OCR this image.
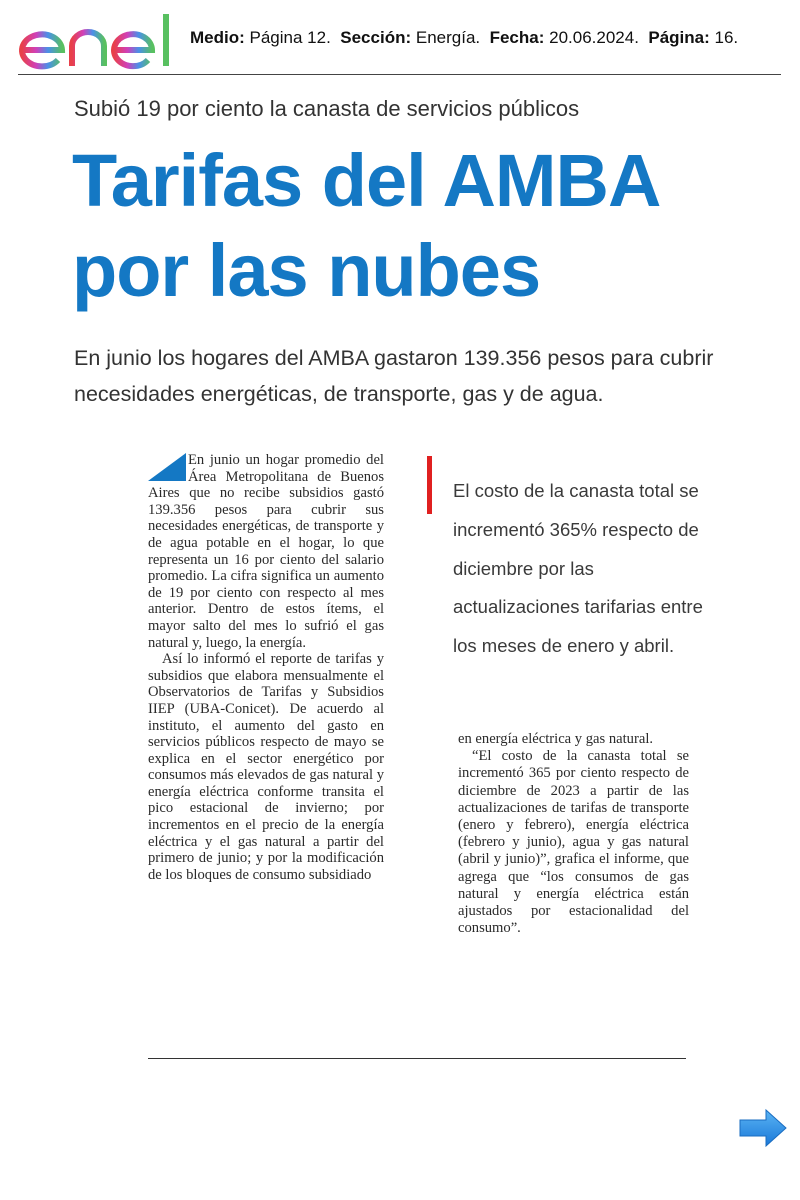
Medio: Página 12. Sección: Energía. Fecha: 20.06.2024. Página: 16.
Subió 19 por ciento la canasta de servicios públicos
Tarifas del AMBA
por las nubes
En junio los hogares del AMBA gastaron 139.356 pesos para cubrir necesidades energéticas, de transporte, gas y de agua.

En junio un hogar promedio del Área Metropolitana de Buenos Aires que no recibe subsidios gastó 139.356 pesos para cubrir sus necesidades energéticas, de transporte y de agua potable en el hogar, lo que representa un 16 por ciento del salario promedio. La cifra significa un aumento de 19 por ciento con respecto al mes anterior. Dentro de estos ítems, el mayor salto del mes lo sufrió el gas natural y, luego, la energía.

Así lo informó el reporte de tarifas y subsidios que elabora mensualmente el Observatorios de Tarifas y Subsidios IIEP (UBA-Conicet). De acuerdo al instituto, el aumento del gasto en servicios públicos respecto de mayo se explica en el sector energético por consumos más elevados de gas natural y energía eléctrica conforme transita el pico estacional de invierno; por incrementos en el precio de la energía eléctrica y el gas natural a partir del primero de junio; y por la modificación de los bloques de consumo subsidiado

El costo de la canasta total se incrementó 365% respecto de diciembre por las actualizaciones tarifarias entre los meses de enero y abril.

en energía eléctrica y gas natural.

“El costo de la canasta total se incrementó 365 por ciento respecto de diciembre de 2023 a partir de las actualizaciones de tarifas de transporte (enero y febrero), energía eléctrica (febrero y junio), agua y gas natural (abril y junio)”, grafica el informe, que agrega que “los consumos de gas natural y energía eléctrica están ajustados por estacionalidad del consumo”.
